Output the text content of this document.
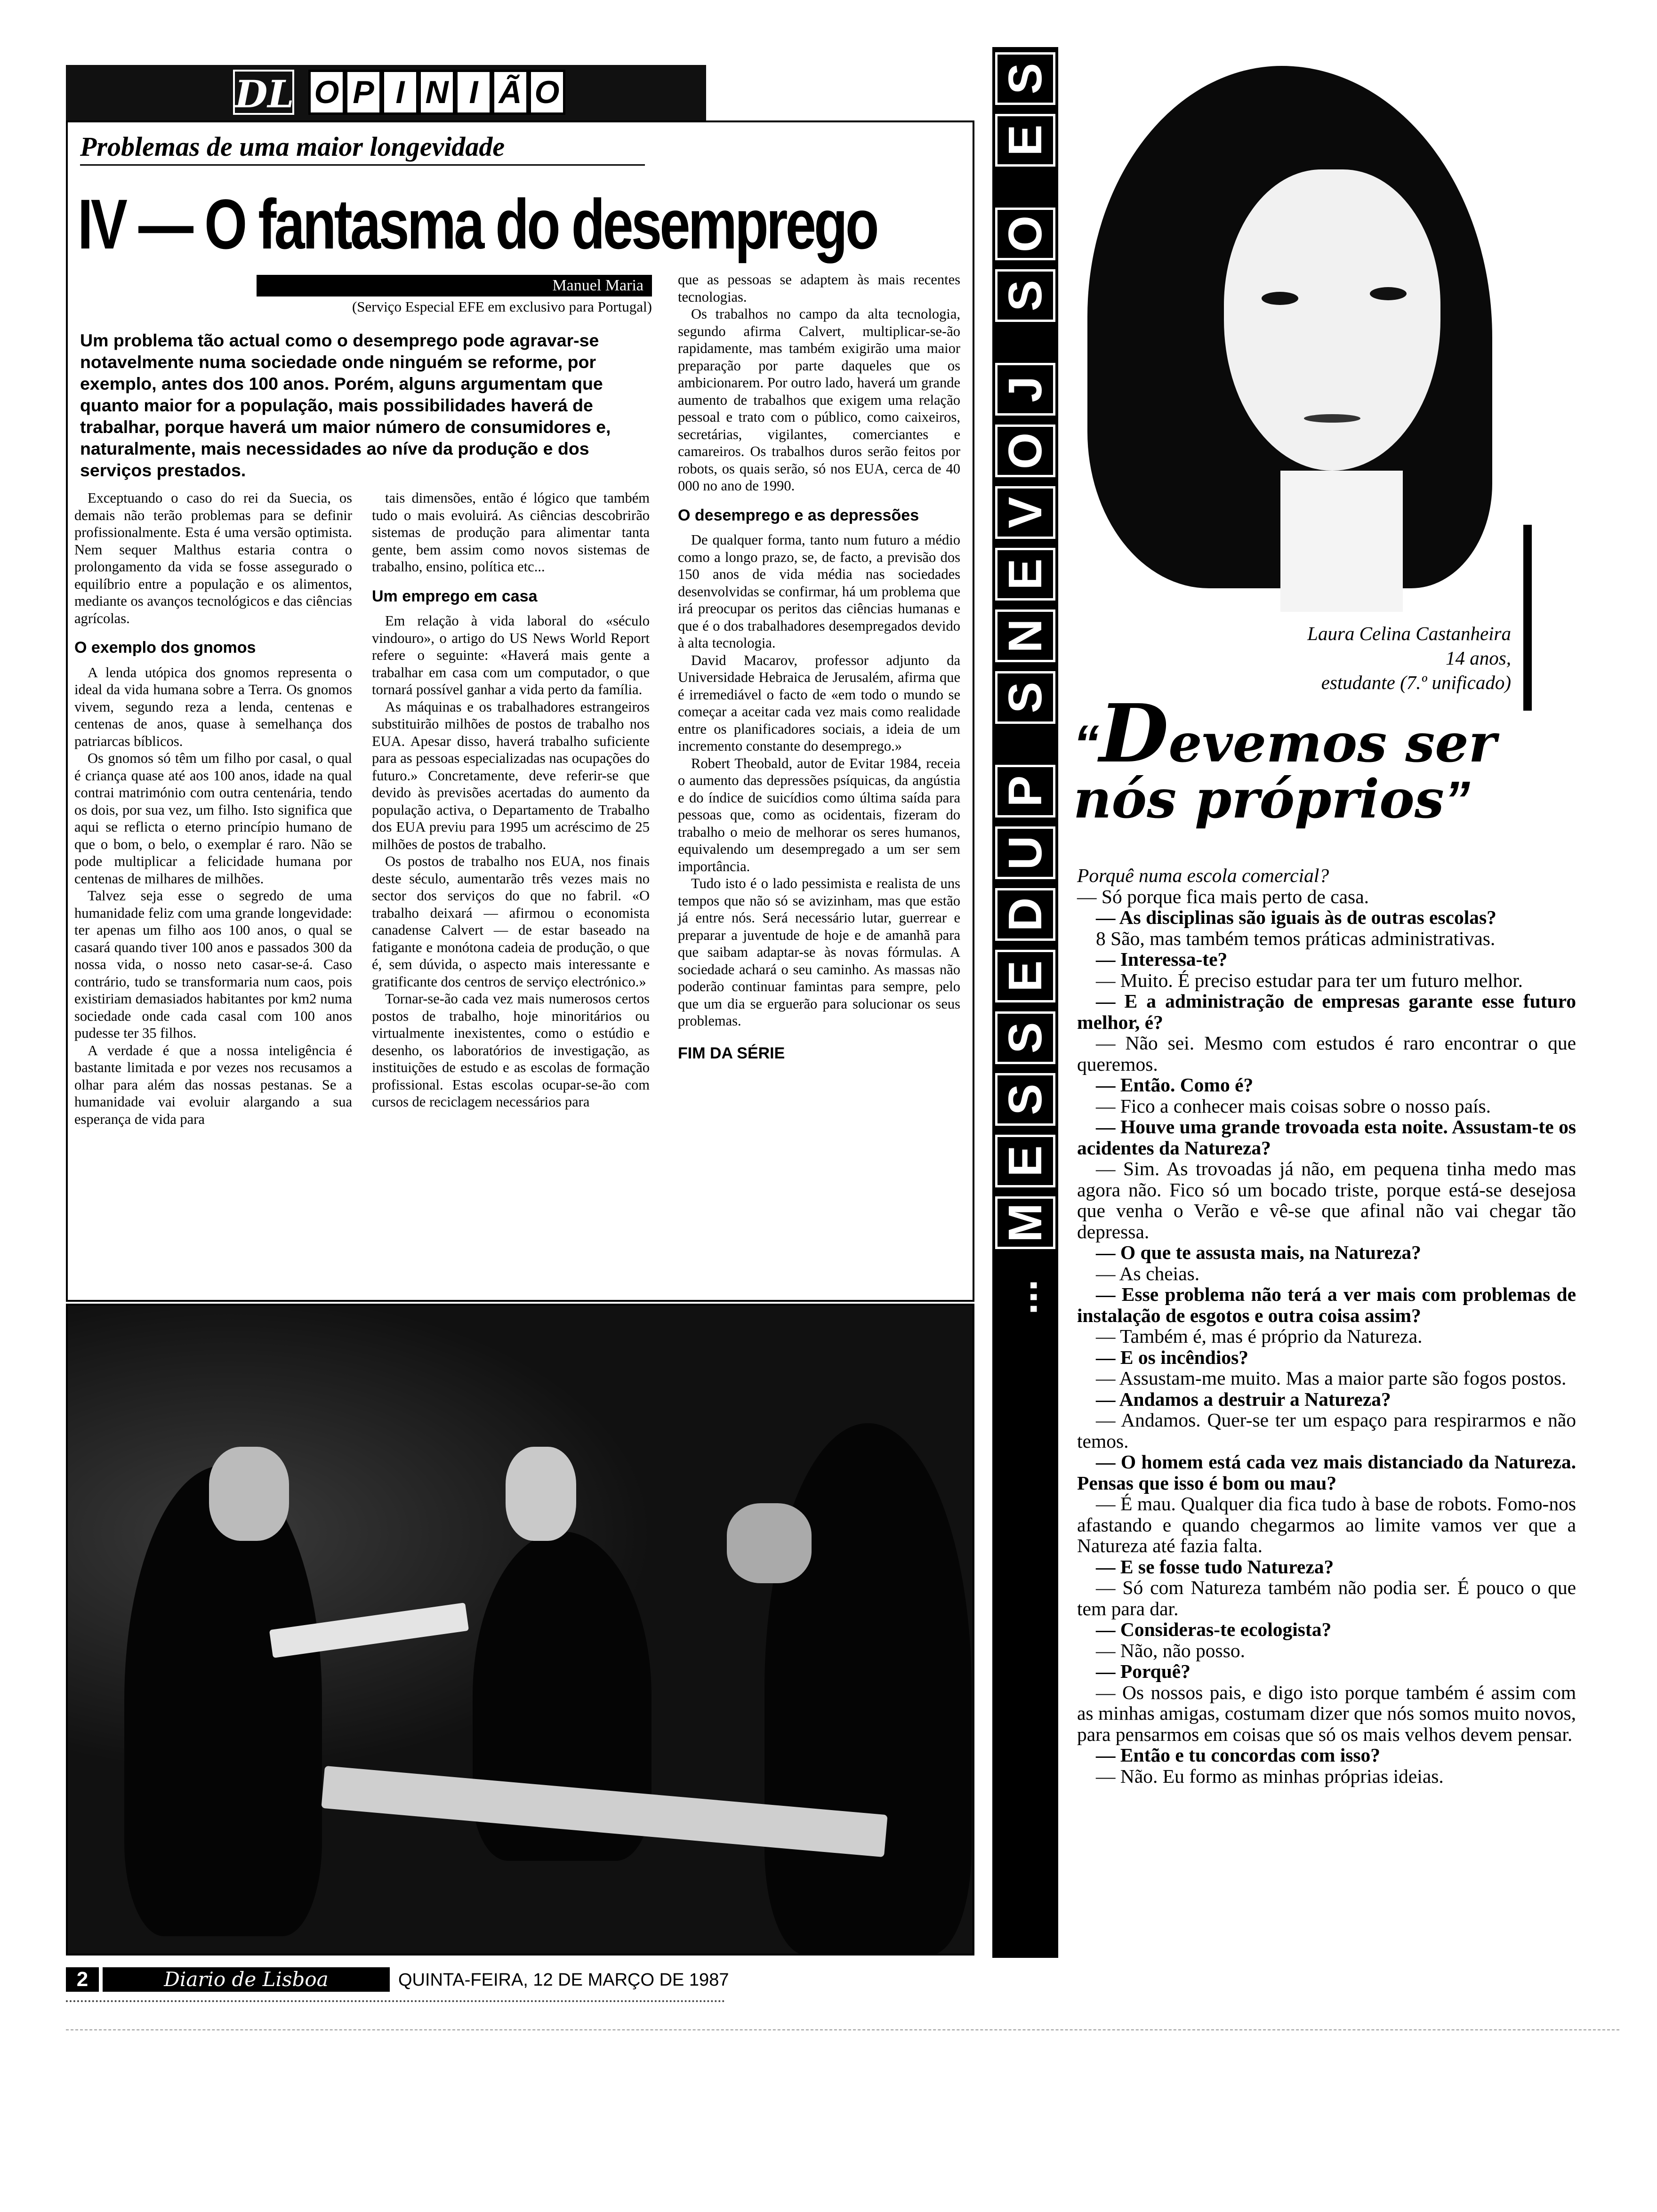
DL O P I N I Ã O
Problemas de uma maior longevidade
IV — O fantasma do desemprego
Manuel Maria
(Serviço Especial EFE em exclusivo para Portugal)
Um problema tão actual como o desemprego pode agravar-se notavelmente numa sociedade onde ninguém se reforme, por exemplo, antes dos 100 anos. Porém, alguns argumentam que quanto maior for a população, mais possibilidades haverá de trabalhar, porque haverá um maior número de consumidores e, naturalmente, mais necessidades ao níve da produção e dos serviços prestados.

Exceptuando o caso do rei da Suecia, os demais não terão problemas para se definir profissionalmente. Esta é uma versão optimista. Nem sequer Malthus estaria contra o prolongamento da vida se fosse assegurado o equilíbrio entre a população e os alimentos, mediante os avanços tecnológicos e das ciências agrícolas.

O exemplo dos gnomos

A lenda utópica dos gnomos representa o ideal da vida humana sobre a Terra. Os gnomos vivem, segundo reza a lenda, centenas e centenas de anos, quase à semelhança dos patriarcas bíblicos.

Os gnomos só têm um filho por casal, o qual é criança quase até aos 100 anos, idade na qual contrai matrimónio com outra centenária, tendo os dois, por sua vez, um filho. Isto significa que aqui se reflicta o eterno princípio humano de que o bom, o belo, o exemplar é raro. Não se pode multiplicar a felicidade humana por centenas de milhares de milhões.

Talvez seja esse o segredo de uma humanidade feliz com uma grande longevidade: ter apenas um filho aos 100 anos, o qual se casará quando tiver 100 anos e passados 300 da nossa vida, o nosso neto casar-se-á. Caso contrário, tudo se transformaria num caos, pois existiriam demasiados habitantes por km2 numa sociedade onde cada casal com 100 anos pudesse ter 35 filhos.

A verdade é que a nossa inteligência é bastante limitada e por vezes nos recusamos a olhar para além das nossas pestanas. Se a humanidade vai evoluir alargando a sua esperança de vida para

tais dimensões, então é lógico que também tudo o mais evoluirá. As ciências descobrirão sistemas de produção para alimentar tanta gente, bem assim como novos sistemas de trabalho, ensino, política etc...

Um emprego em casa

Em relação à vida laboral do «século vindouro», o artigo do US News World Report refere o seguinte: «Haverá mais gente a trabalhar em casa com um computador, o que tornará possível ganhar a vida perto da família.

As máquinas e os trabalhadores estrangeiros substituirão milhões de postos de trabalho nos EUA. Apesar disso, haverá trabalho suficiente para as pessoas especializadas nas ocupações do futuro.» Concretamente, deve referir-se que devido às previsões acertadas do aumento da população activa, o Departamento de Trabalho dos EUA previu para 1995 um acréscimo de 25 milhões de postos de trabalho.

Os postos de trabalho nos EUA, nos finais deste século, aumentarão três vezes mais no sector dos serviços do que no fabril. «O trabalho deixará — afirmou o economista canadense Calvert — de estar baseado na fatigante e monótona cadeia de produção, o que é, sem dúvida, o aspecto mais interessante e gratificante dos centros de serviço electrónico.»

Tornar-se-ão cada vez mais numerosos certos postos de trabalho, hoje minoritários ou virtualmente inexistentes, como o estúdio e desenho, os laboratórios de investigação, as instituições de estudo e as escolas de formação profissional. Estas escolas ocupar-se-ão com cursos de reciclagem necessários para

que as pessoas se adaptem às mais recentes tecnologias.

Os trabalhos no campo da alta tecnologia, segundo afirma Calvert, multiplicar-se-ão rapidamente, mas também exigirão uma maior preparação por parte daqueles que os ambicionarem. Por outro lado, haverá um grande aumento de trabalhos que exigem uma relação pessoal e trato com o público, como caixeiros, secretárias, vigilantes, comerciantes e camareiros. Os trabalhos duros serão feitos por robots, os quais serão, só nos EUA, cerca de 40 000 no ano de 1990.

O desemprego e as depressões

De qualquer forma, tanto num futuro a médio como a longo prazo, se, de facto, a previsão dos 150 anos de vida média nas sociedades desenvolvidas se confirmar, há um problema que irá preocupar os peritos das ciências humanas e que é o dos trabalhadores desempregados devido à alta tecnologia.

David Macarov, professor adjunto da Universidade Hebraica de Jerusalém, afirma que é irremediável o facto de «em todo o mundo se começar a aceitar cada vez mais como realidade entre os planificadores sociais, a ideia de um incremento constante do desemprego.»

Robert Theobald, autor de Evitar 1984, receia o aumento das depressões psíquicas, da angústia e do índice de suicídios como última saída para pessoas que, como as ocidentais, fizeram do trabalho o meio de melhorar os seres humanos, equivalendo um desempregado a um ser sem importância.

Tudo isto é o lado pessimista e realista de uns tempos que não só se avizinham, mas que estão já entre nós. Será necessário lutar, guerrear e preparar a juventude de hoje e de amanhã para que saibam adaptar-se às novas fórmulas. A sociedade achará o seu caminho. As massas não poderão continuar famintas para sempre, pelo que um dia se erguerão para solucionar os seus problemas.

FIM DA SÉRIE
2	Diario de Lisboa	QUINTA-FEIRA, 12 DE MARÇO DE 1987
S
E
O
S
J
O
V
E
N
S
P
U
D
E
S
S
E
M
...
Laura Celina Castanheira
14 anos,
estudante (7.º unificado)
“Devemos ser
nós próprios”

Porquê numa escola comercial?

— Só porque fica mais perto de casa.

— As disciplinas são iguais às de outras escolas?

8 São, mas também temos práticas administrativas.

— Interessa-te?

— Muito. É preciso estudar para ter um futuro melhor.

— E a administração de empresas garante esse futuro melhor, é?

— Não sei. Mesmo com estudos é raro encontrar o que queremos.

— Então. Como é?

— Fico a conhecer mais coisas sobre o nosso país.

— Houve uma grande trovoada esta noite. Assustam-te os acidentes da Natureza?

— Sim. As trovoadas já não, em pequena tinha medo mas agora não. Fico só um bocado triste, porque está-se desejosa que venha o Verão e vê-se que afinal não vai chegar tão depressa.

— O que te assusta mais, na Natureza?

— As cheias.

— Esse problema não terá a ver mais com problemas de instalação de esgotos e outra coisa assim?

— Também é, mas é próprio da Natureza.

— E os incêndios?

— Assustam-me muito. Mas a maior parte são fogos postos.

— Andamos a destruir a Natureza?

— Andamos. Quer-se ter um espaço para respirarmos e não temos.

— O homem está cada vez mais distanciado da Natureza. Pensas que isso é bom ou mau?

— É mau. Qualquer dia fica tudo à base de robots. Fomo-nos afastando e quando chegarmos ao limite vamos ver que a Natureza até fazia falta.

— E se fosse tudo Natureza?

— Só com Natureza também não podia ser. É pouco o que tem para dar.

— Consideras-te ecologista?

— Não, não posso.

— Porquê?

— Os nossos pais, e digo isto porque também é assim com as minhas amigas, costumam dizer que nós somos muito novos, para pensarmos em coisas que só os mais velhos devem pensar.

— Então e tu concordas com isso?

— Não. Eu formo as minhas próprias ideias.
